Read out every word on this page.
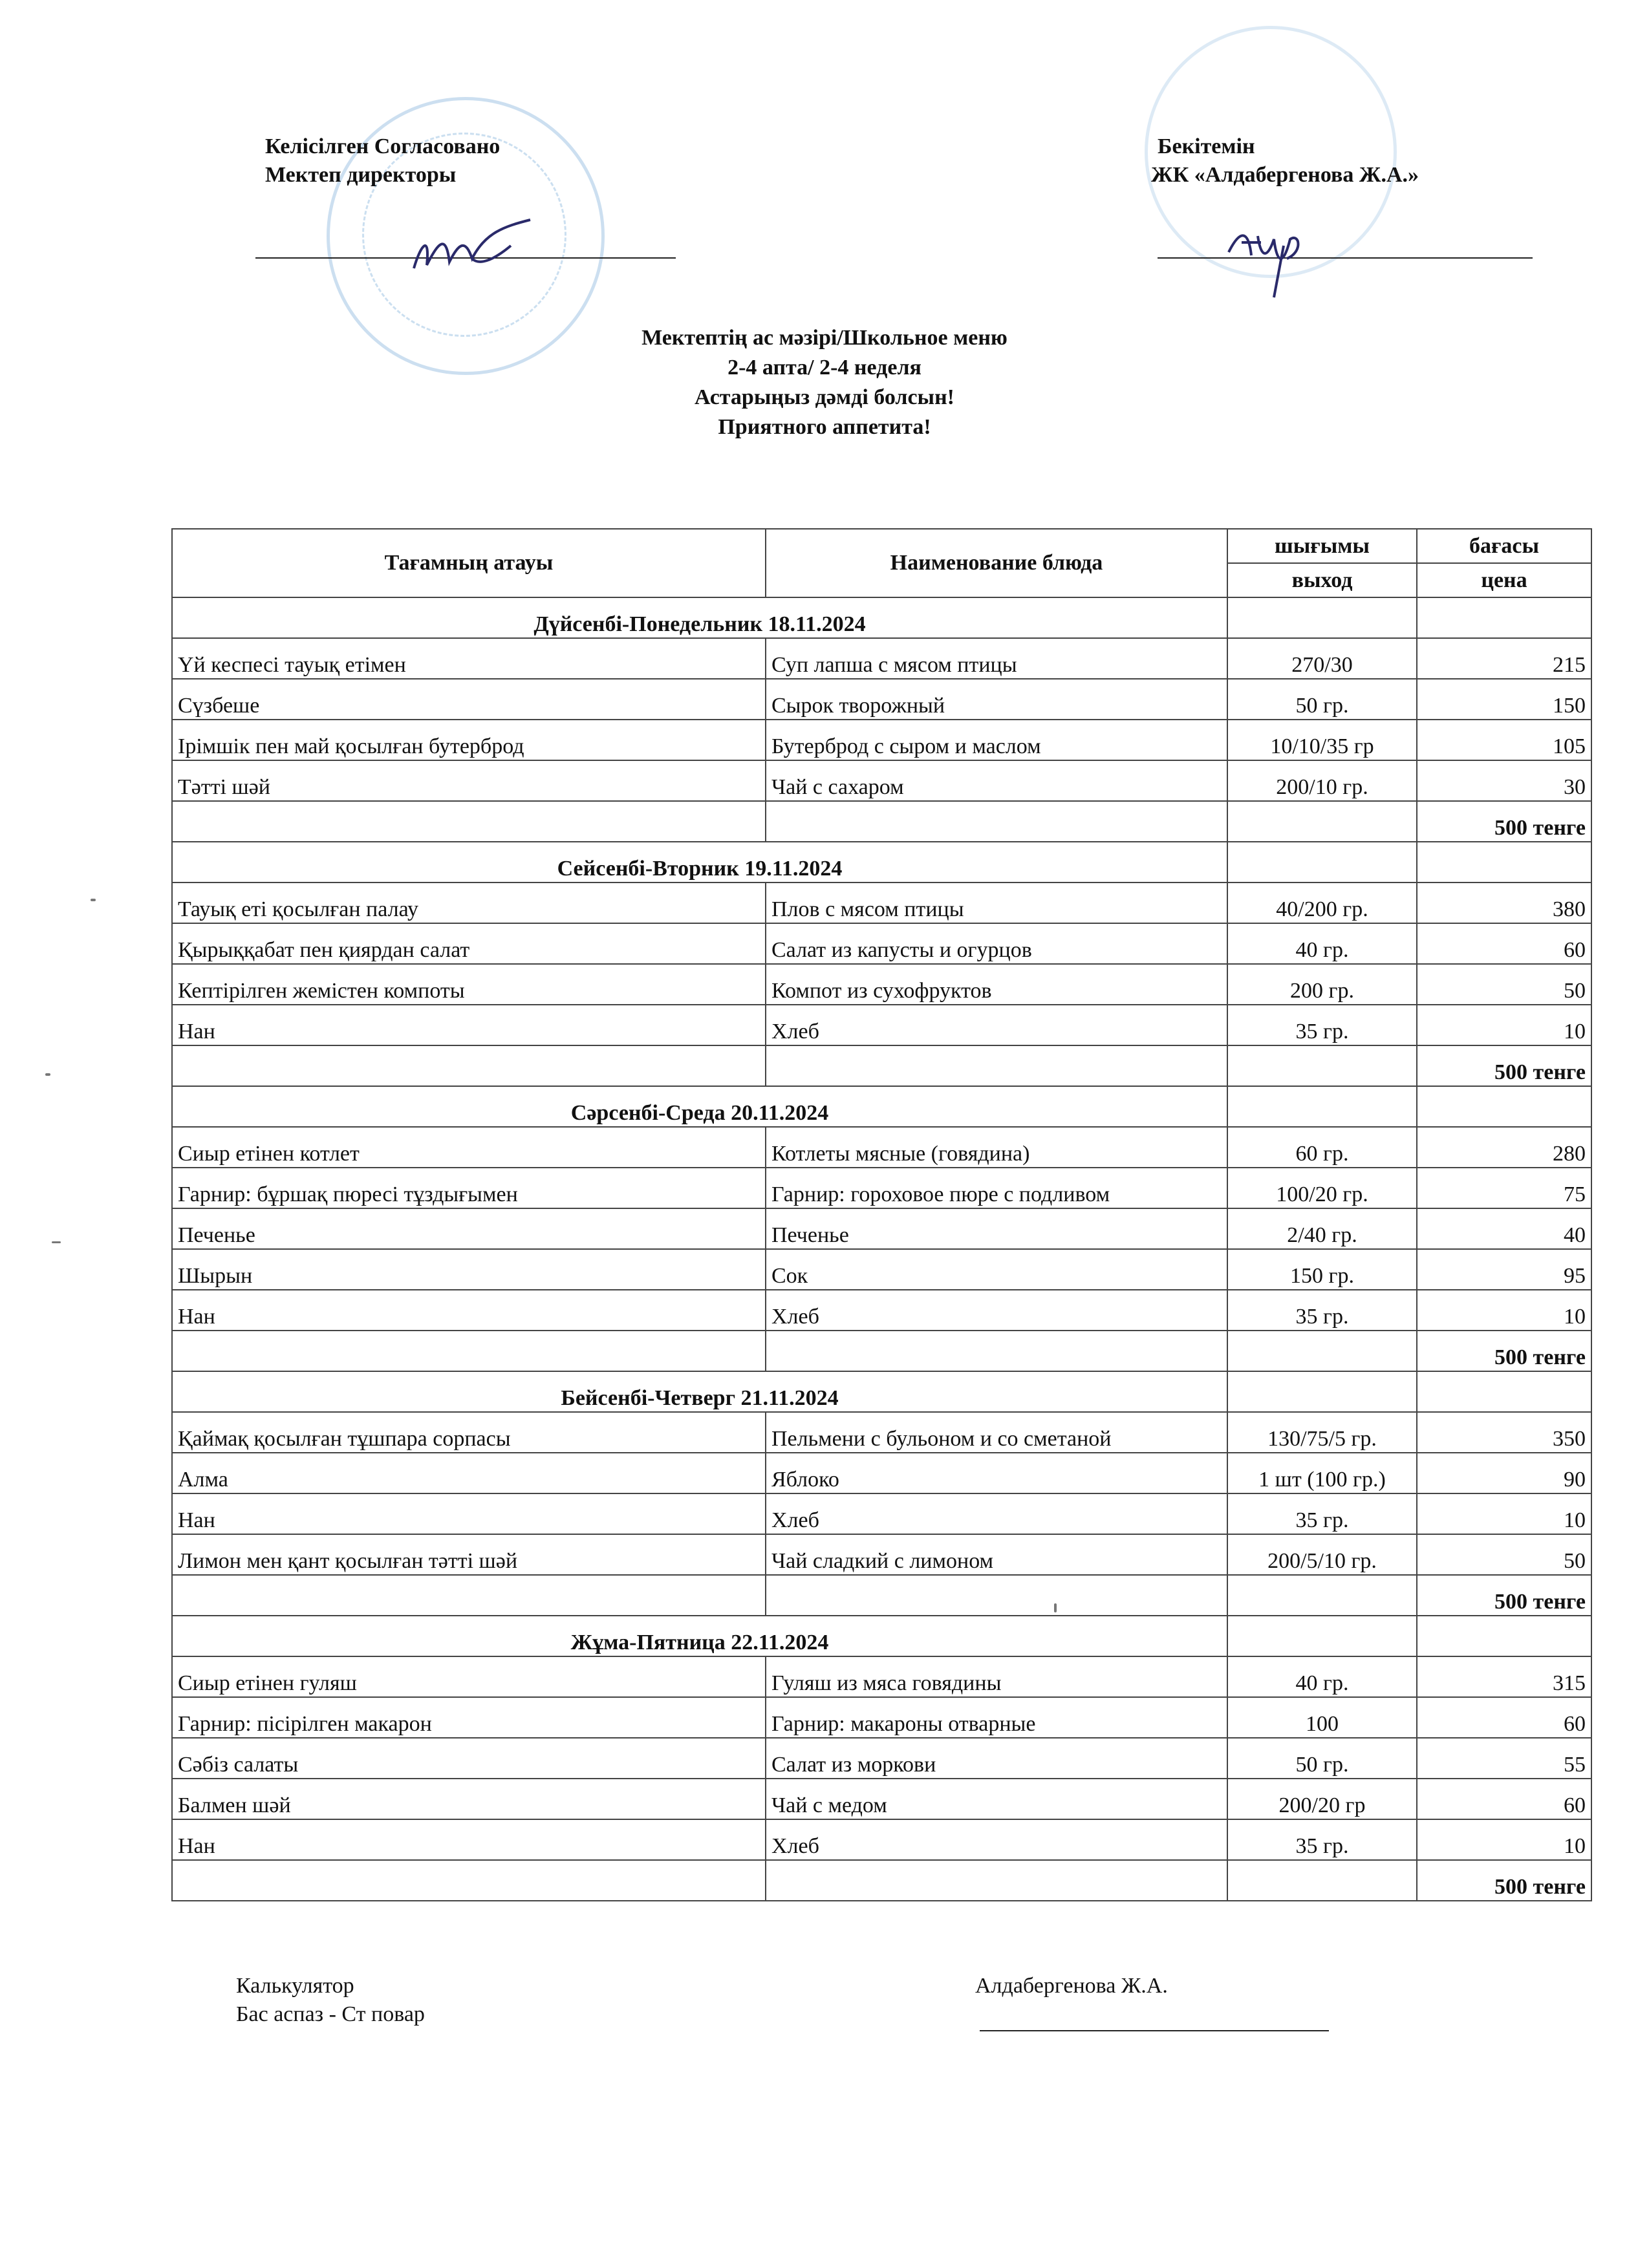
Келісілген Согласовано
Мектеп директоры
Бекітемін
ЖК «Алдабергенова Ж.А.»
Мектептің ас мәзірі/Школьное меню
2-4 апта/ 2-4 неделя
Астарыңыз дәмді болсын!
Приятного аппетита!
Тағамның атауы	Наименование блюда	шығымы	бағасы
		выход	цена
Дүйсенбі-Понедельник 18.11.2024			
Үй кеспесі тауық етімен	Суп лапша с мясом птицы	270/30	215
Сүзбеше	Сырок творожный	50 гр.	150
Ірімшік пен май қосылған бутерброд	Бутерброд с сыром и маслом	10/10/35 гр	105
Тәтті шәй	Чай с сахаром	200/10 гр.	30
			500 тенге
Сейсенбі-Вторник 19.11.2024			
Тауық еті қосылған палау	Плов с мясом птицы	40/200 гр.	380
Қырыққабат пен қиярдан салат	Салат из капусты и огурцов	40 гр.	60
Кептірілген жемістен компоты	Компот из сухофруктов	200 гр.	50
Нан	Хлеб	35 гр.	10
			500 тенге
Сәрсенбі-Среда 20.11.2024			
Сиыр етінен котлет	Котлеты мясные (говядина)	60 гр.	280
Гарнир: бұршақ пюресі тұздығымен	Гарнир: гороховое пюре с подливом	100/20 гр.	75
Печенье	Печенье	2/40 гр.	40
Шырын	Сок	150 гр.	95
Нан	Хлеб	35 гр.	10
			500 тенге
Бейсенбі-Четверг 21.11.2024			
Қаймақ қосылған тұшпара сорпасы	Пельмени с бульоном и со сметаной	130/75/5 гр.	350
Алма	Яблоко	1 шт (100 гр.)	90
Нан	Хлеб	35 гр.	10
Лимон мен қант қосылған тәтті шәй	Чай сладкий с лимоном	200/5/10 гр.	50
			500 тенге
Жұма-Пятница 22.11.2024			
Сиыр етінен гуляш	Гуляш из мяса говядины	40 гр.	315
Гарнир: пісірілген макарон	Гарнир: макароны отварные	100	60
Сәбіз салаты	Салат из моркови	50 гр.	55
Балмен шәй	Чай с медом	200/20 гр	60
Нан	Хлеб	35 гр.	10
			500 тенге
Калькулятор
Бас аспаз - Ст повар
Алдабергенова Ж.А.
